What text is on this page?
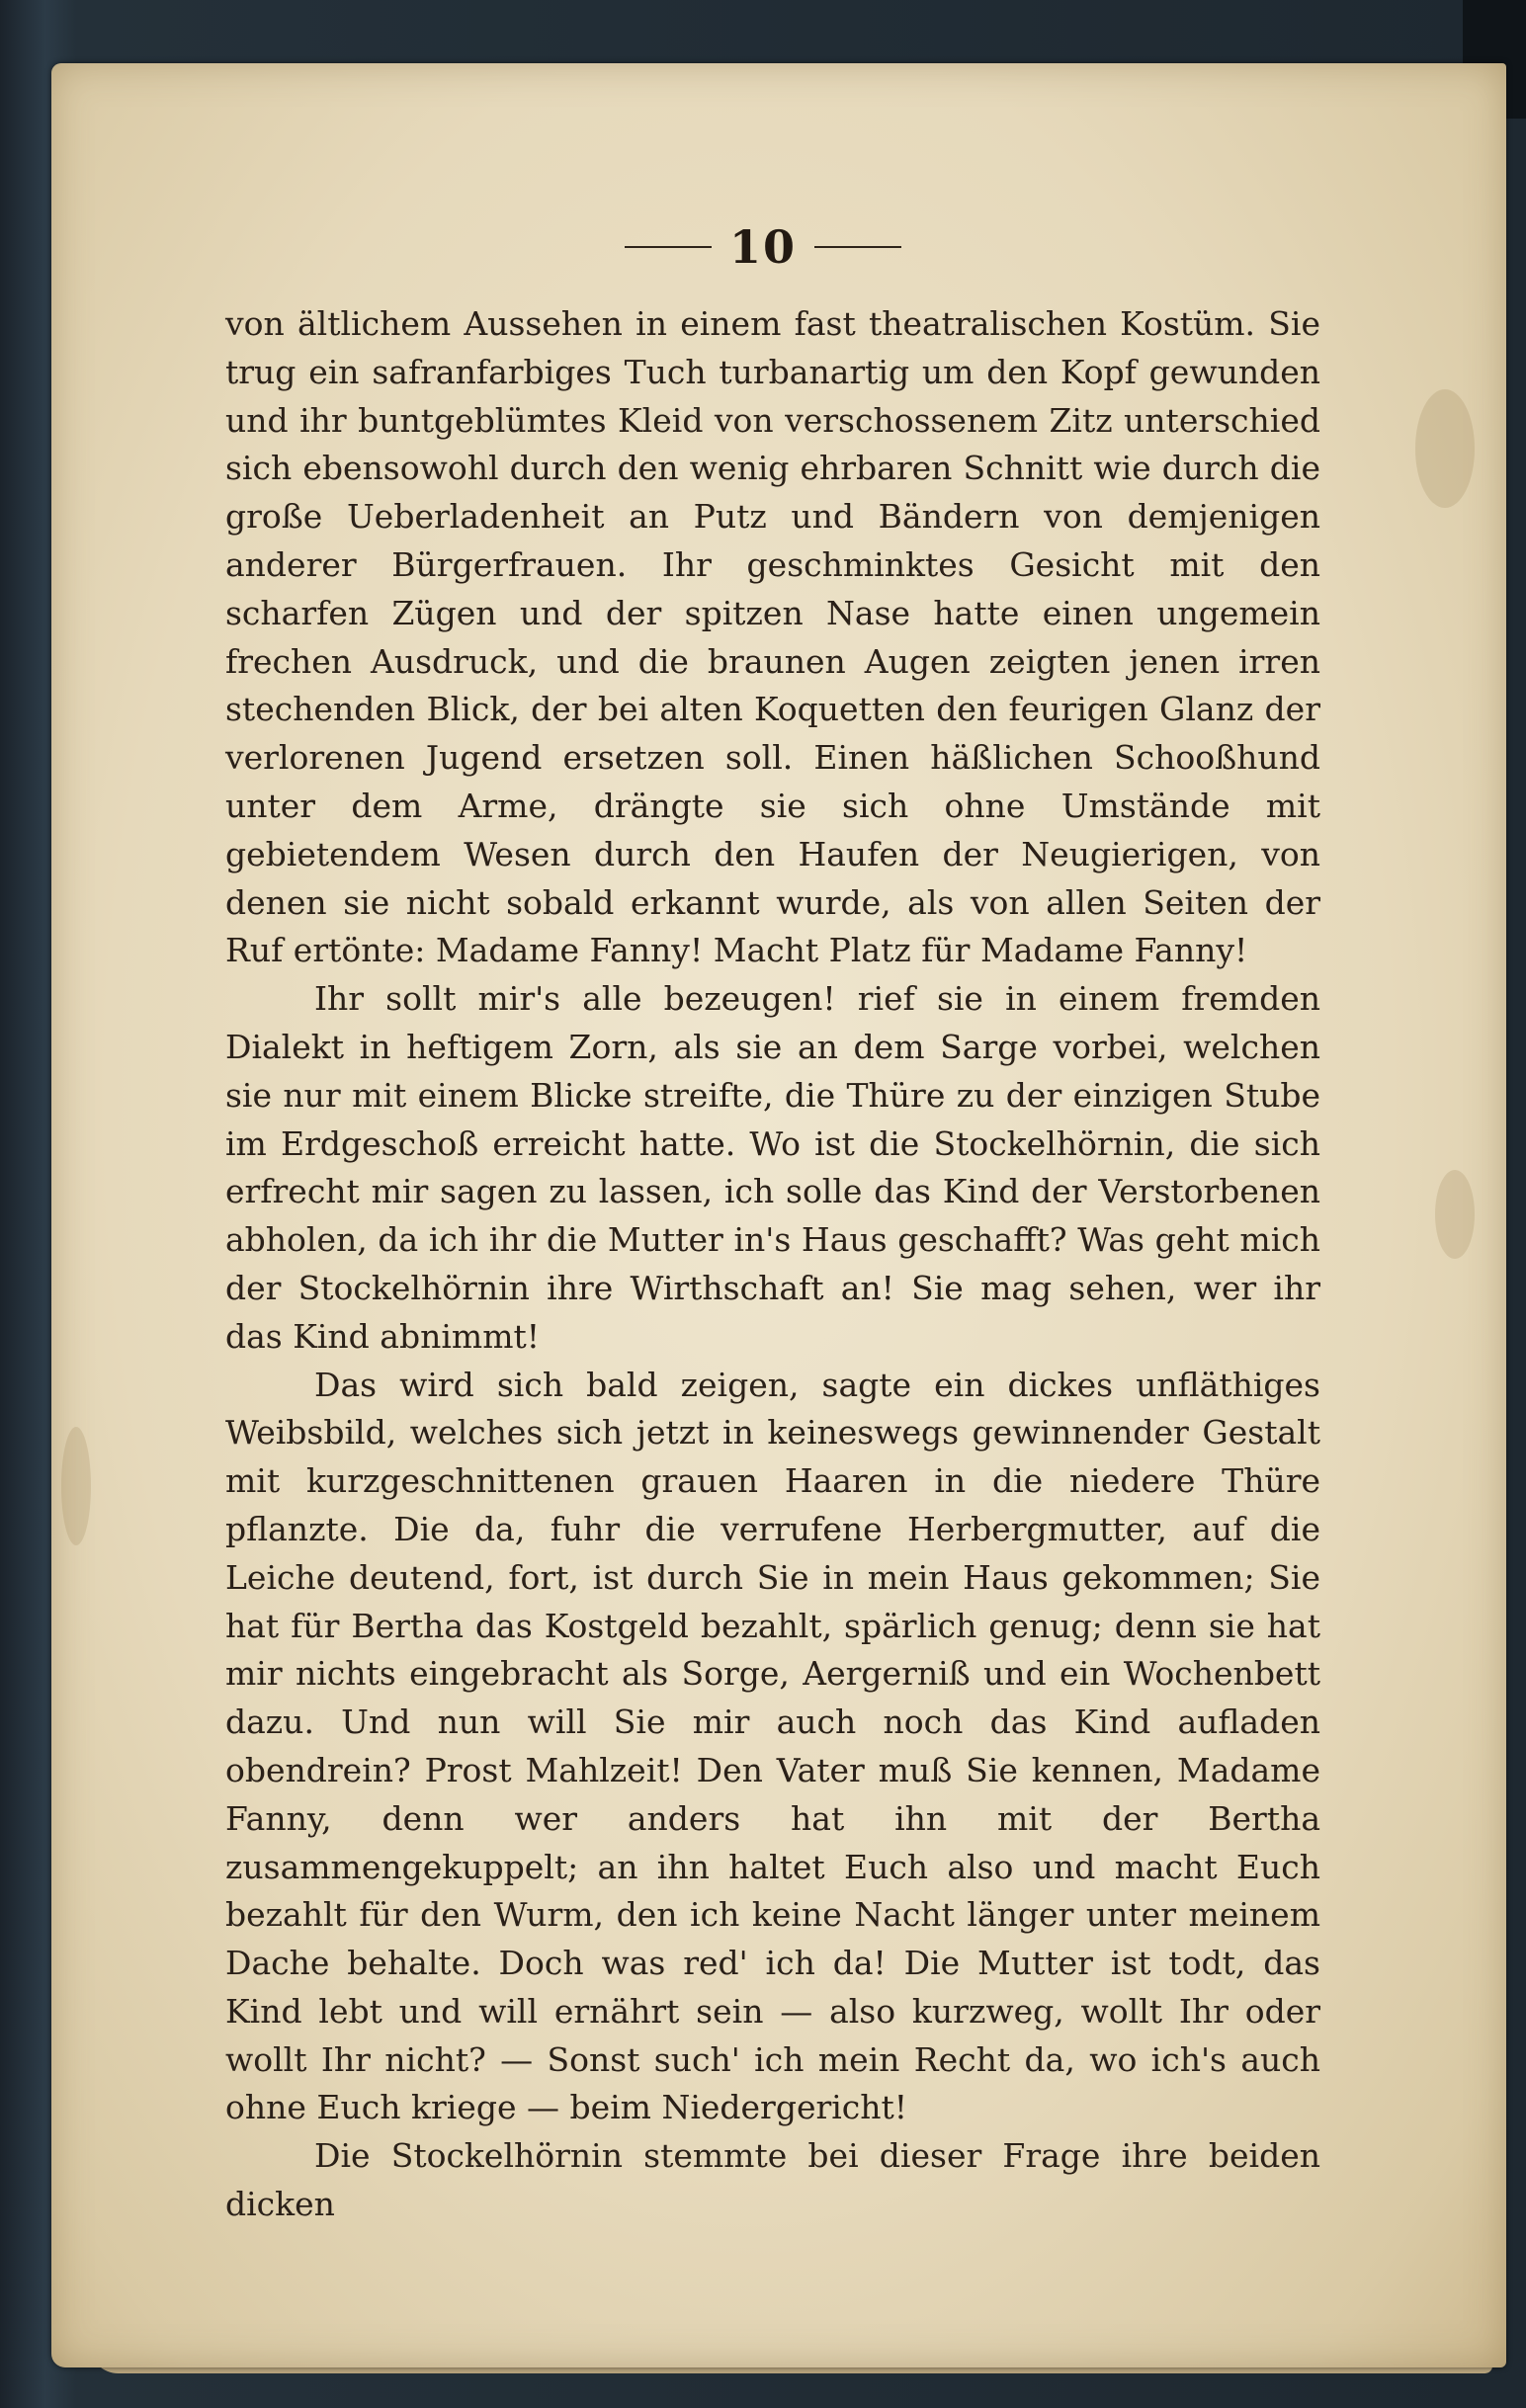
10

von ältlichem Aussehen in einem fast theatralischen Kostüm. Sie trug ein safranfarbiges Tuch turbanartig um den Kopf gewunden und ihr buntgeblümtes Kleid von verschossenem Zitz unterschied sich ebensowohl durch den wenig ehrbaren Schnitt wie durch die große Ueberladenheit an Putz und Bändern von demjenigen anderer Bürgerfrauen. Ihr geschminktes Gesicht mit den scharfen Zügen und der spitzen Nase hatte einen ungemein frechen Ausdruck, und die braunen Augen zeigten jenen irren stechenden Blick, der bei alten Koquetten den feurigen Glanz der verlorenen Jugend ersetzen soll. Einen häßlichen Schooßhund unter dem Arme, drängte sie sich ohne Umstände mit gebietendem Wesen durch den Haufen der Neugierigen, von denen sie nicht sobald erkannt wurde, als von allen Seiten der Ruf ertönte: Madame Fanny! Macht Platz für Madame Fanny!

Ihr sollt mir's alle bezeugen! rief sie in einem fremden Dialekt in heftigem Zorn, als sie an dem Sarge vorbei, welchen sie nur mit einem Blicke streifte, die Thüre zu der einzigen Stube im Erdgeschoß erreicht hatte. Wo ist die Stockelhörnin, die sich erfrecht mir sagen zu lassen, ich solle das Kind der Verstorbenen abholen, da ich ihr die Mutter in's Haus geschafft? Was geht mich der Stockelhörnin ihre Wirthschaft an! Sie mag sehen, wer ihr das Kind abnimmt!

Das wird sich bald zeigen, sagte ein dickes unfläthiges Weibsbild, welches sich jetzt in keineswegs gewinnender Gestalt mit kurzgeschnittenen grauen Haaren in die niedere Thüre pflanzte. Die da, fuhr die verrufene Herbergmutter, auf die Leiche deutend, fort, ist durch Sie in mein Haus gekommen; Sie hat für Bertha das Kostgeld bezahlt, spärlich genug; denn sie hat mir nichts eingebracht als Sorge, Aergerniß und ein Wochenbett dazu. Und nun will Sie mir auch noch das Kind aufladen obendrein? Prost Mahlzeit! Den Vater muß Sie kennen, Madame Fanny, denn wer anders hat ihn mit der Bertha zusammengekuppelt; an ihn haltet Euch also und macht Euch bezahlt für den Wurm, den ich keine Nacht länger unter meinem Dache behalte. Doch was red' ich da! Die Mutter ist todt, das Kind lebt und will ernährt sein — also kurzweg, wollt Ihr oder wollt Ihr nicht? — Sonst such' ich mein Recht da, wo ich's auch ohne Euch kriege — beim Niedergericht!

Die Stockelhörnin stemmte bei dieser Frage ihre beiden dicken
